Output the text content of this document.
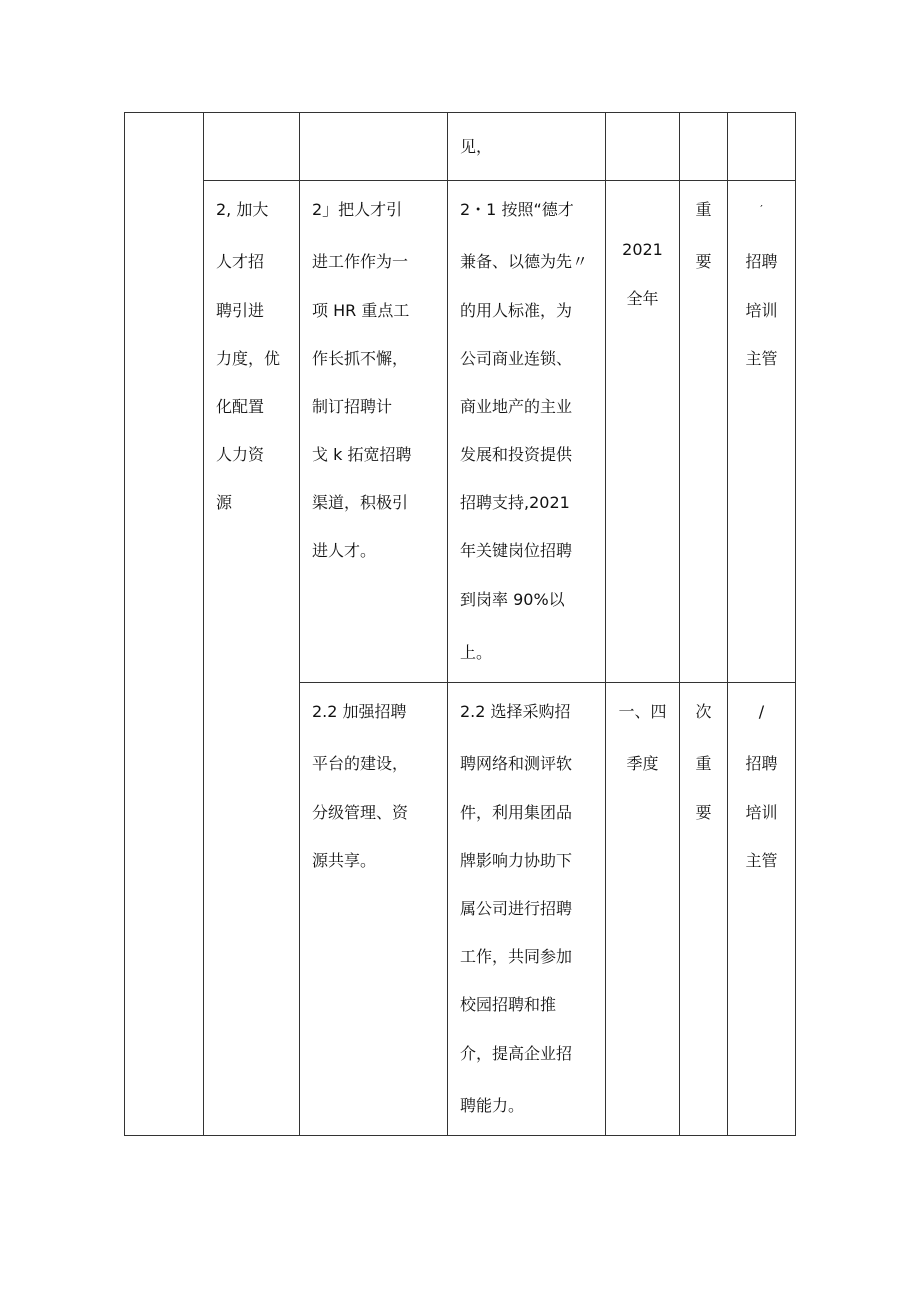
见，
2, 加大
人才招
聘引进
力度，优
化配置
人力资
源
2」把人才引
进工作作为一
项 HR 重点工
作长抓不懈，
制订招聘计
戈 k 拓宽招聘
渠道，积极引
进人才。
2・1 按照“德才
兼备、以德为先〃
的用人标准，为
公司商业连锁、
商业地产的主业
发展和投资提供
招聘支持,2021
年关键岗位招聘
到岗率 90%以
上。
2021
全年
重
要
′
招聘
培训
主管
2.2 加强招聘
平台的建设，
分级管理、资
源共享。
2.2 选择采购招
聘网络和测评软
件，利用集团品
牌影响力协助下
属公司进行招聘
工作，共同参加
校园招聘和推
介，提高企业招
聘能力。
一、四
季度
次
重
要
/
招聘
培训
主管
